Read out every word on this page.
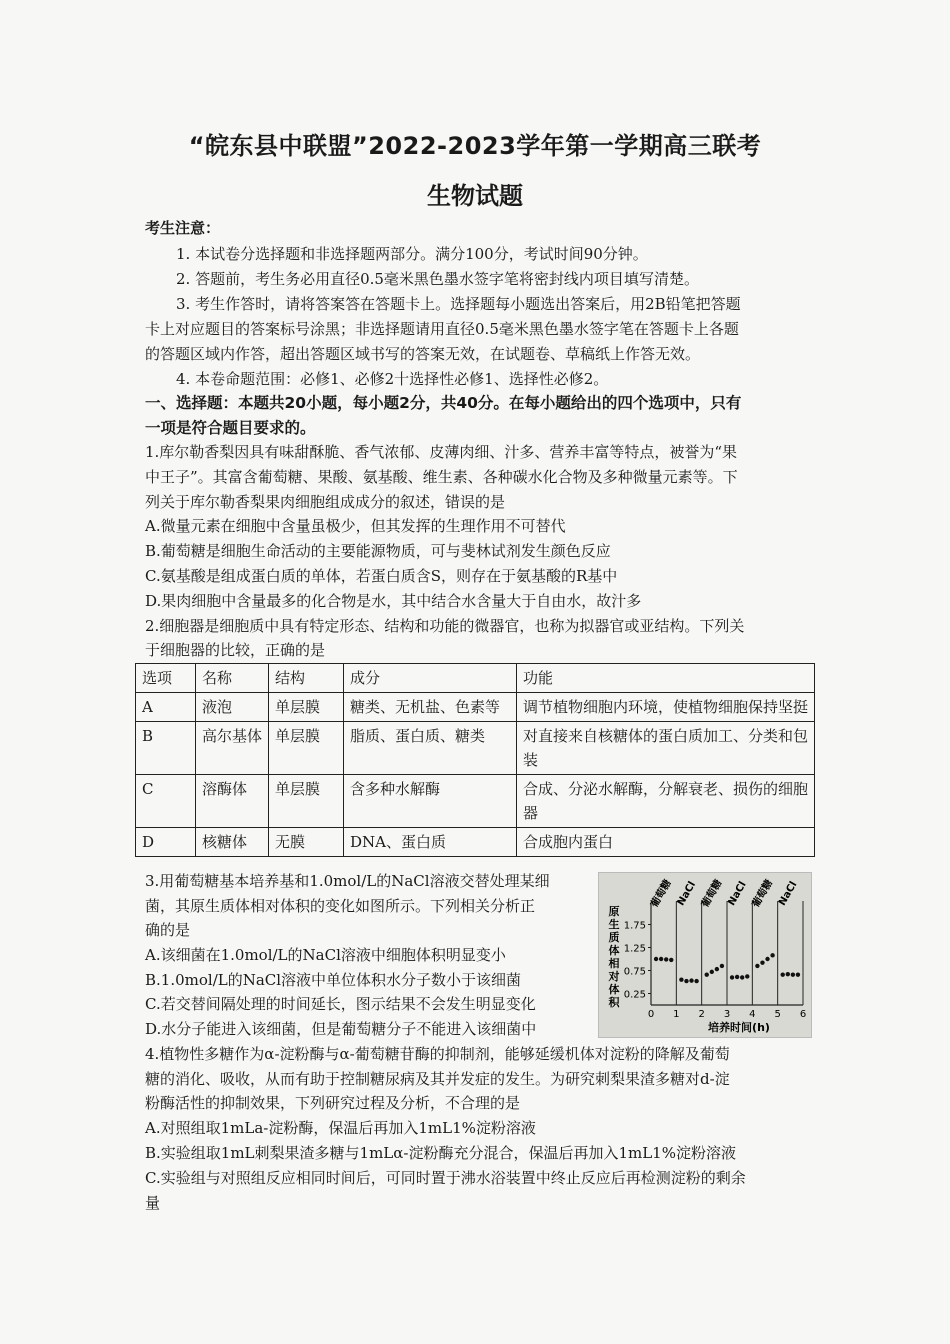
“皖东县中联盟”2022-2023学年第一学期高三联考
生物试题
考生注意：
1. 本试卷分选择题和非选择题两部分。满分100分，考试时间90分钟。
2. 答题前，考生务必用直径0.5毫米黑色墨水签字笔将密封线内项目填写清楚。
3. 考生作答时，请将答案答在答题卡上。选择题每小题选出答案后，用2B铅笔把答题
卡上对应题目的答案标号涂黑；非选择题请用直径0.5毫米黑色墨水签字笔在答题卡上各题
的答题区域内作答，超出答题区域书写的答案无效，在试题卷、草稿纸上作答无效。
4. 本卷命题范围：必修1、必修2十选择性必修1、选择性必修2。
一、选择题：本题共20小题，每小题2分，共40分。在每小题给出的四个选项中，只有
一项是符合题目要求的。
1.库尔勒香梨因具有味甜酥脆、香气浓郁、皮薄肉细、汁多、营养丰富等特点，被誉为“果
中王子”。其富含葡萄糖、果酸、氨基酸、维生素、各种碳水化合物及多种微量元素等。下
列关于库尔勒香梨果肉细胞组成成分的叙述，错误的是
A.微量元素在细胞中含量虽极少，但其发挥的生理作用不可替代
B.葡萄糖是细胞生命活动的主要能源物质，可与斐林试剂发生颜色反应
C.氨基酸是组成蛋白质的单体，若蛋白质含S，则存在于氨基酸的R基中
D.果肉细胞中含量最多的化合物是水，其中结合水含量大于自由水，故汁多
2.细胞器是细胞质中具有特定形态、结构和功能的微器官，也称为拟器官或亚结构。下列关
于细胞器的比较，正确的是
选项	名称	结构	成分	功能
A	液泡	单层膜	糖类、无机盐、色素等	调节植物细胞内环境，使植物细胞保持坚挺
B	高尔基体	单层膜	脂质、蛋白质、糖类	对直接来自核糖体的蛋白质加工、分类和包装
C	溶酶体	单层膜	含多种水解酶	合成、分泌水解酶，分解衰老、损伤的细胞器
D	核糖体	无膜	DNA、蛋白质	合成胞内蛋白
3.用葡萄糖基本培养基和1.0mol/L的NaCl溶液交替处理某细
菌，其原生质体相对体积的变化如图所示。下列相关分析正
确的是
A.该细菌在1.0mol/L的NaCl溶液中细胞体积明显变小
B.1.0mol/L的NaCl溶液中单位体积水分子数小于该细菌
C.若交替间隔处理的时间延长，图示结果不会发生明显变化
D.水分子能进入该细菌，但是葡萄糖分子不能进入该细菌中	培养时间(h)
原
生
质
体
相
对
体
积
1.75
1.25
0.75
0.25
0 1 2 3 4 5 6
葡萄糖 NaCl 葡萄糖 NaCl 葡萄糖 NaCl
4.植物性多糖作为α-淀粉酶与α-葡萄糖苷酶的抑制剂，能够延缓机体对淀粉的降解及葡萄
糖的消化、吸收，从而有助于控制糖尿病及其并发症的发生。为研究刺梨果渣多糖对d-淀
粉酶活性的抑制效果，下列研究过程及分析，不合理的是
A.对照组取1mLa-淀粉酶，保温后再加入1mL1%淀粉溶液
B.实验组取1mL刺梨果渣多糖与1mLα-淀粉酶充分混合，保温后再加入1mL1%淀粉溶液
C.实验组与对照组反应相同时间后，可同时置于沸水浴装置中终止反应后再检测淀粉的剩余
量
